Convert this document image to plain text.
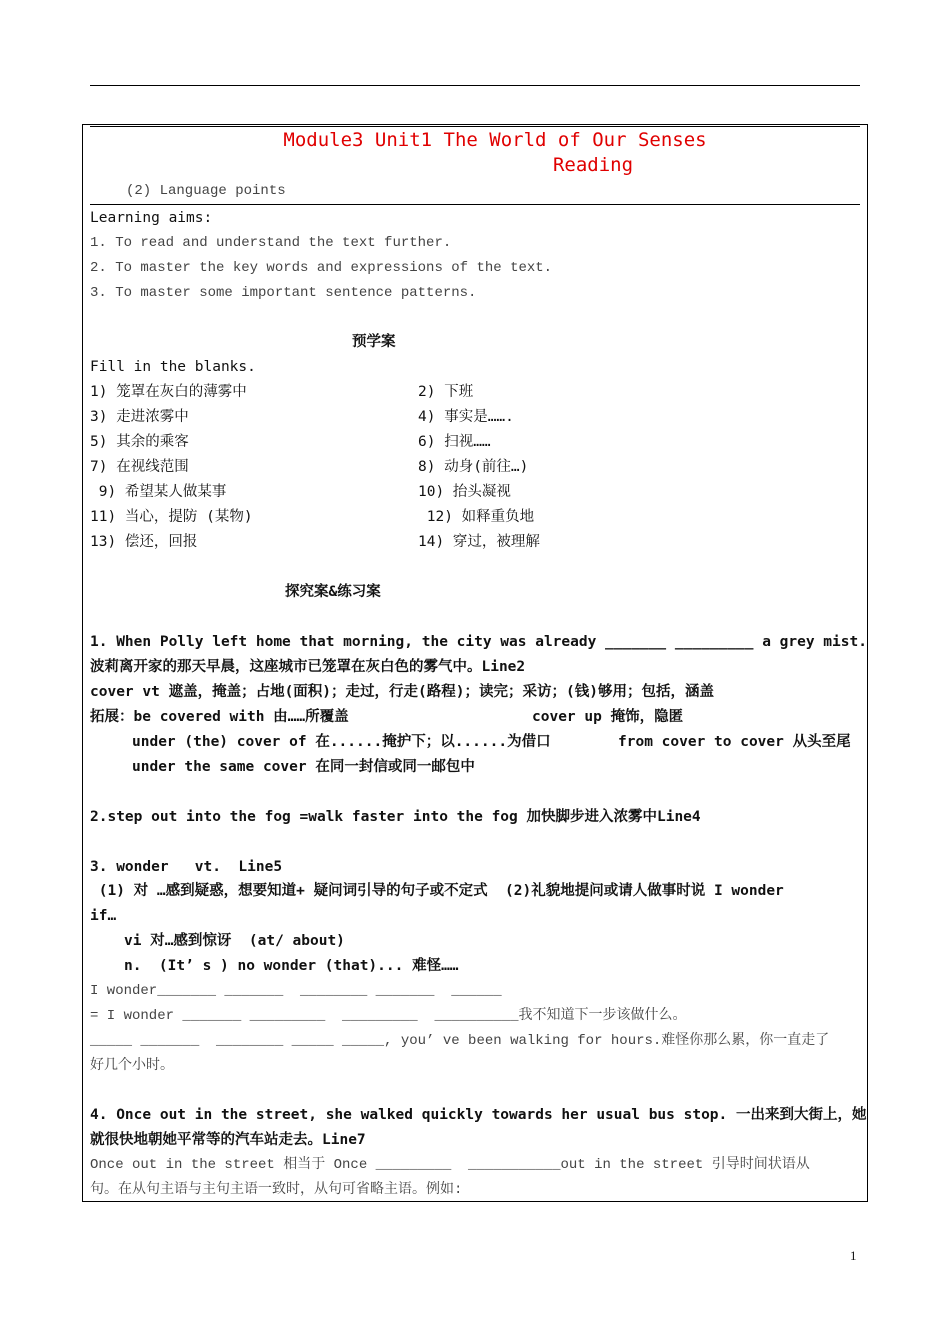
Module3 Unit1 The World of Our Senses
Reading
(2) Language points
Learning aims:
1. To read and understand the text further.
2. To master the key words and expressions of the text.
3. To master some important sentence patterns.
预学案
Fill in the blanks.
1) 笼罩在灰白的薄雾中
3) 走进浓雾中
5) 其余的乘客
7) 在视线范围
9) 希望某人做某事
11) 当心，提防 (某物)
13) 偿还，回报
2) 下班
4) 事实是…….
6) 扫视……
8) 动身(前往…)
10) 抬头凝视
12) 如释重负地
14) 穿过，被理解
探究案&练习案
1. When Polly left home that morning, the city was already _______ _________ a grey mist.
波莉离开家的那天早晨，这座城市已笼罩在灰白色的雾气中。Line2
cover vt 遮盖，掩盖；占地(面积)；走过，行走(路程)；读完；采访；(钱)够用；包括，涵盖
拓展：be covered with 由……所覆盖	cover up 掩饰，隐匿
under (the) cover of 在......掩护下；以......为借口	from cover to cover 从头至尾
under the same cover 在同一封信或同一邮包中
2.step out into the fog =walk faster into the fog 加快脚步进入浓雾中Line4
3. wonder   vt.  Line5
(1) 对 …感到疑惑，想要知道+ 疑问词引导的句子或不定式  (2)礼貌地提问或请人做事时说 I wonder
if…
vi 对…感到惊讶  (at/ about)
n.  (It’ s ) no wonder (that)... 难怪……
I wonder_______ _______  ________ _______  ______
= I wonder _______ _________  _________  __________我不知道下一步该做什么。
_____ _______  ________ _____ _____, you’ ve been walking for hours.难怪你那么累，你一直走了
好几个小时。
4. Once out in the street, she walked quickly towards her usual bus stop. 一出来到大街上，她
就很快地朝她平常等的汽车站走去。Line7
Once out in the street 相当于 Once _________  ___________out in the street 引导时间状语从
句。在从句主语与主句主语一致时，从句可省略主语。例如:
1
